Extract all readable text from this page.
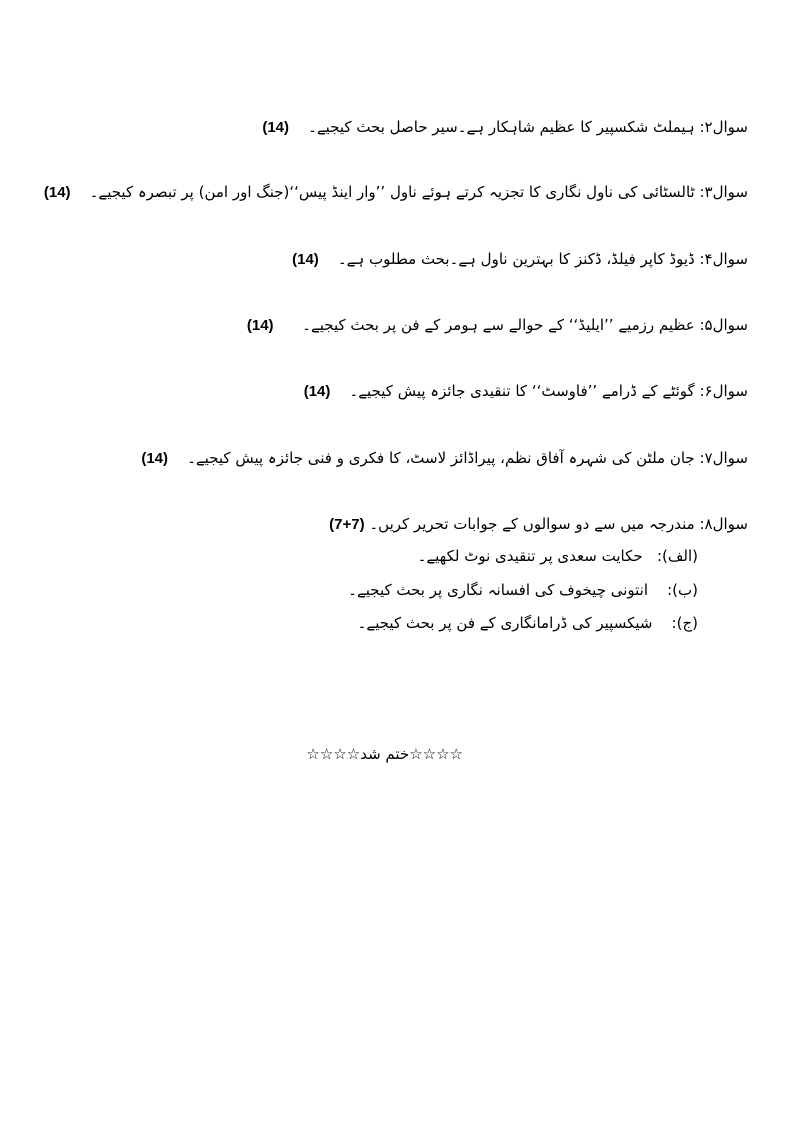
سوال۲: ہیملٹ شکسپیر کا عظیم شاہکار ہے۔سیر حاصل بحث کیجیے۔    (14)
سوال۳: ٹالسٹائی کی ناول نگاری کا تجزیہ کرتے ہوئے ناول ’’وار اینڈ پیس‘‘(جنگ اور امن) پر تبصرہ کیجیے۔    (14)
سوال۴: ڈیوڈ کاپر فیلڈ، ڈکنز کا بہترین ناول ہے۔بحث مطلوب ہے۔    (14)
سوال۵: عظیم رزمیے ’’ایلیڈ‘‘ کے حوالے سے ہومر کے فن پر بحث کیجیے۔      (14)
سوال۶: گوئٹے کے ڈرامے ’’فاوسٹ‘‘ کا تنقیدی جائزہ پیش کیجیے۔    (14)
سوال۷: جان ملٹن کی شہرہ آفاق نظم، پیراڈائز لاسٹ، کا فکری و فنی جائزہ پیش کیجیے۔    (14)
سوال۸: مندرجہ میں سے دو سوالوں کے جوابات تحریر کریں۔ (7+7)
(الف):   حکایت سعدی پر تنقیدی نوٹ لکھیے۔
(ب):    انتونی چیخوف کی افسانہ نگاری پر بحث کیجیے۔
(ج):    شیکسپیر کی ڈرامانگاری کے فن پر بحث کیجیے۔
☆☆☆☆ختم شد☆☆☆☆
